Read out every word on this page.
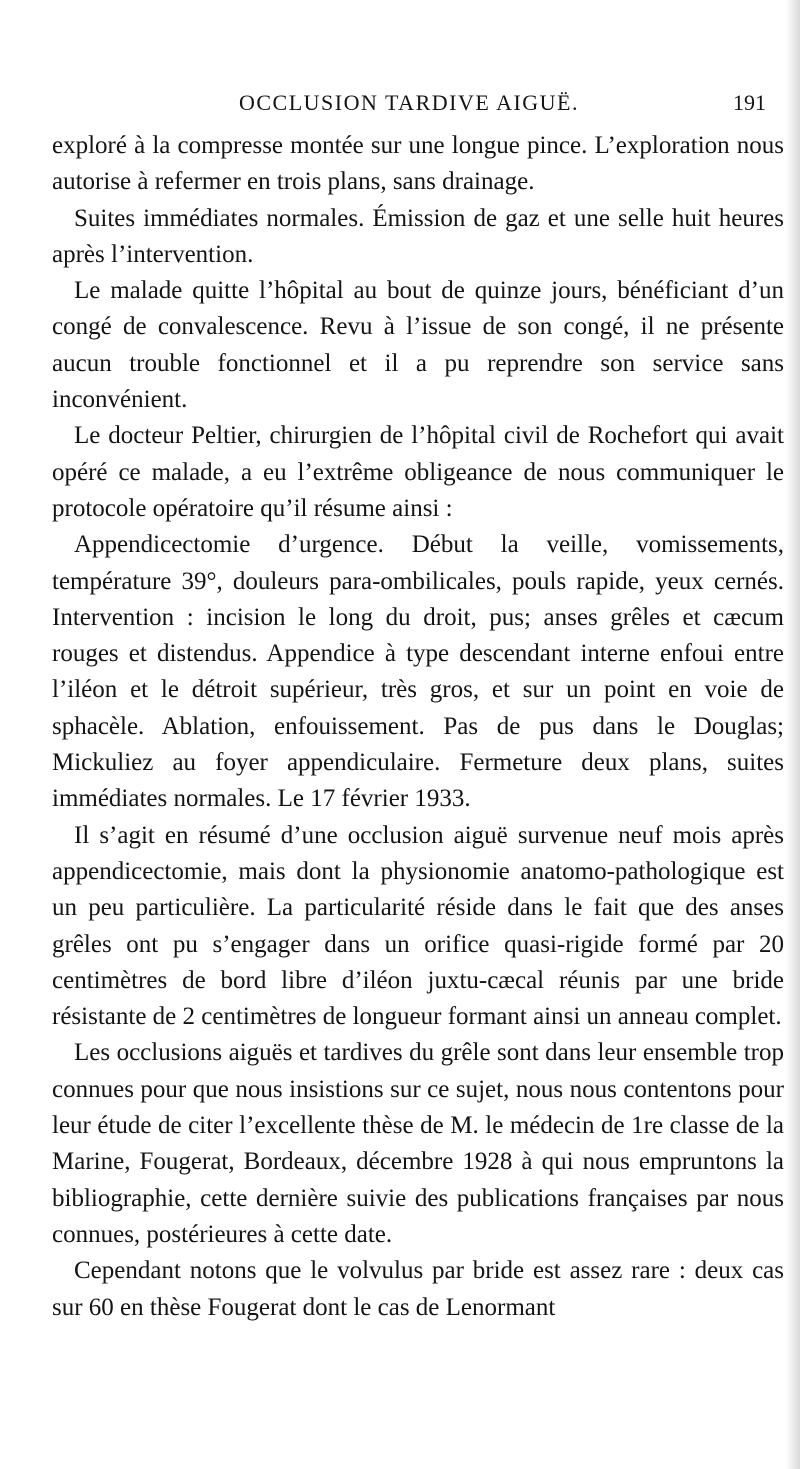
OCCLUSION TARDIVE AIGUË.	191

exploré à la compresse montée sur une longue pince. L’exploration nous autorise à refermer en trois plans, sans drainage.

Suites immédiates normales. Émission de gaz et une selle huit heures après l’intervention.

Le malade quitte l’hôpital au bout de quinze jours, bénéficiant d’un congé de convalescence. Revu à l’issue de son congé, il ne présente aucun trouble fonctionnel et il a pu reprendre son service sans inconvénient.

Le docteur Peltier, chirurgien de l’hôpital civil de Rochefort qui avait opéré ce malade, a eu l’extrême obligeance de nous communiquer le protocole opératoire qu’il résume ainsi :

Appendicectomie d’urgence. Début la veille, vomissements, température 39°, douleurs para-ombilicales, pouls rapide, yeux cernés. Intervention : incision le long du droit, pus; anses grêles et cæcum rouges et distendus. Appendice à type descendant interne enfoui entre l’iléon et le détroit supérieur, très gros, et sur un point en voie de sphacèle. Ablation, enfouissement. Pas de pus dans le Douglas; Mickuliez au foyer appendiculaire. Fermeture deux plans, suites immédiates normales. Le 17 février 1933.

Il s’agit en résumé d’une occlusion aiguë survenue neuf mois après appendicectomie, mais dont la physionomie anatomo-pathologique est un peu particulière. La particularité réside dans le fait que des anses grêles ont pu s’engager dans un orifice quasi-rigide formé par 20 centimètres de bord libre d’iléon juxtu-cæcal réunis par une bride résistante de 2 centimètres de longueur formant ainsi un anneau complet.

Les occlusions aiguës et tardives du grêle sont dans leur ensemble trop connues pour que nous insistions sur ce sujet, nous nous contentons pour leur étude de citer l’excellente thèse de M. le médecin de 1re classe de la Marine, Fougerat, Bordeaux, décembre 1928 à qui nous empruntons la bibliographie, cette dernière suivie des publications françaises par nous connues, postérieures à cette date.

Cependant notons que le volvulus par bride est assez rare : deux cas sur 60 en thèse Fougerat dont le cas de Lenormant
